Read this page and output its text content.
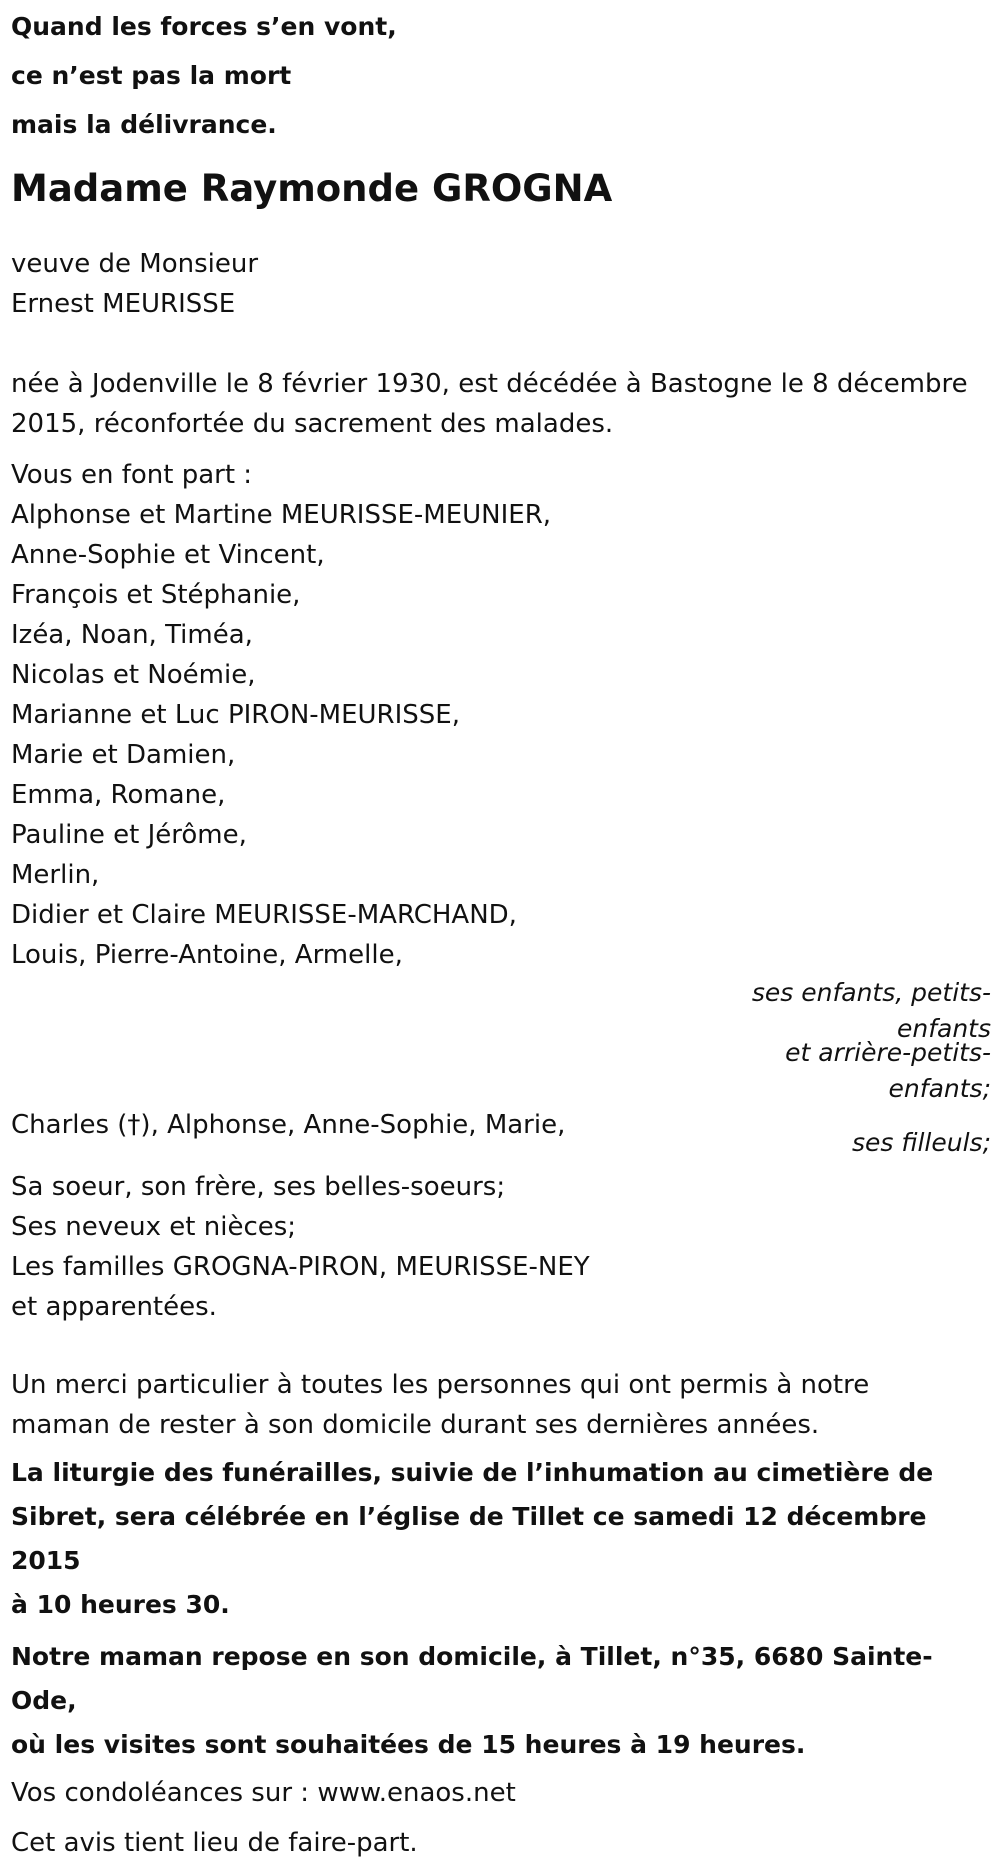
Quand les forces s’en vont,
ce n’est pas la mort
mais la délivrance.
Madame Raymonde GROGNA
veuve de Monsieur
Ernest MEURISSE
née à Jodenville le 8 février 1930, est décédée à Bastogne le 8 décembre
2015, réconfortée du sacrement des malades.
Vous en font part :
Alphonse et Martine MEURISSE-MEUNIER,
Anne-Sophie et Vincent,
François et Stéphanie,
Izéa, Noan, Timéa,
Nicolas et Noémie,
Marianne et Luc PIRON-MEURISSE,
Marie et Damien,
Emma, Romane,
Pauline et Jérôme,
Merlin,
Didier et Claire MEURISSE-MARCHAND,
Louis, Pierre-Antoine, Armelle,
ses enfants, petits-
enfants
et arrière-petits-
enfants;
Charles (†), Alphonse, Anne-Sophie, Marie,
ses filleuls;
Sa soeur, son frère, ses belles-soeurs;
Ses neveux et nièces;
Les familles GROGNA-PIRON, MEURISSE-NEY
et apparentées.
Un merci particulier à toutes les personnes qui ont permis à notre
maman de rester à son domicile durant ses dernières années.
La liturgie des funérailles, suivie de l’inhumation au cimetière de
Sibret, sera célébrée en l’église de Tillet ce samedi 12 décembre 2015
à 10 heures 30.
Notre maman repose en son domicile, à Tillet, n°35, 6680 Sainte-Ode,
où les visites sont souhaitées de 15 heures à 19 heures.
Vos condoléances sur : www.enaos.net
Cet avis tient lieu de faire-part.
